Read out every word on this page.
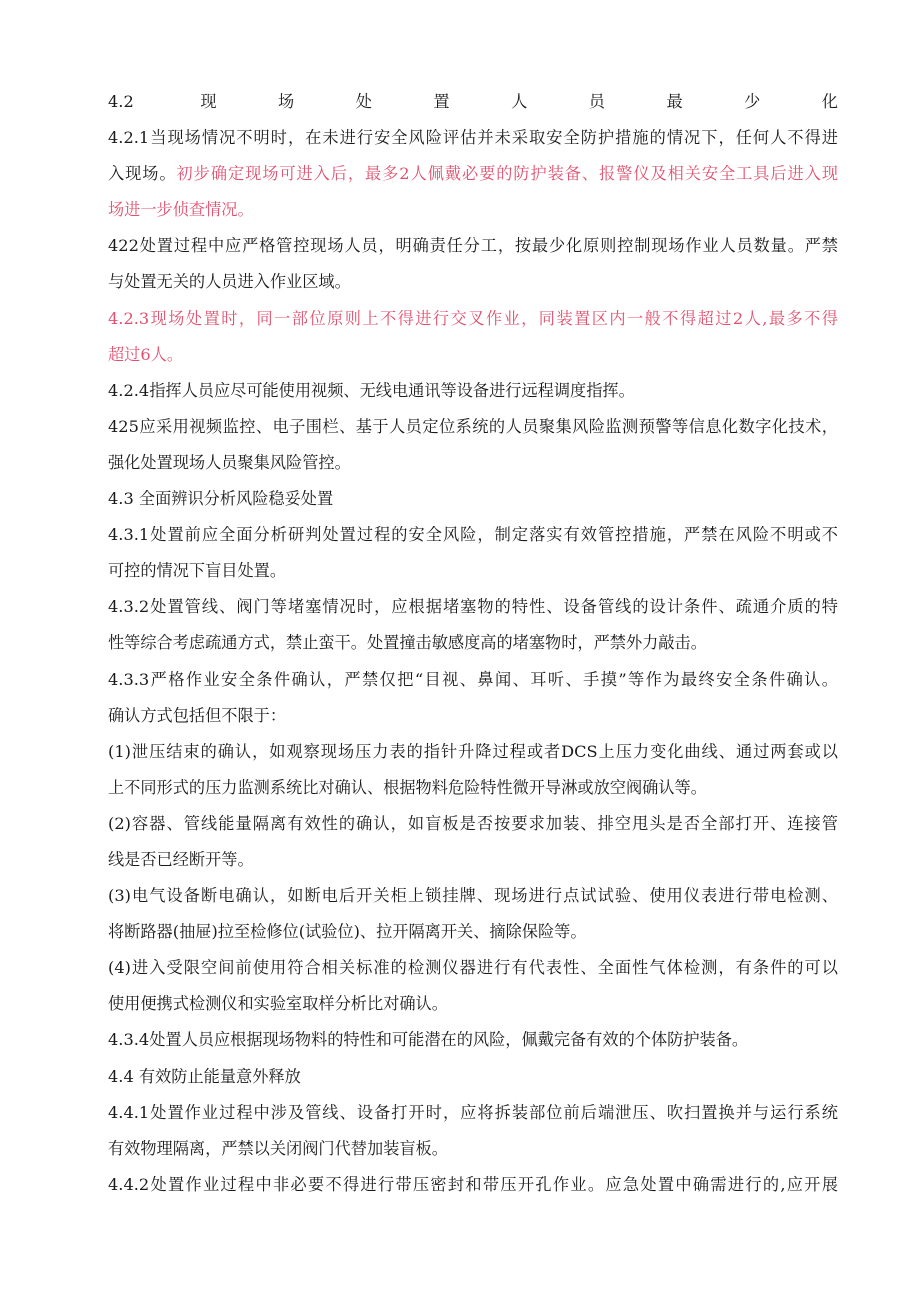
4.2 现场处置人员最少化
4.2.1当现场情况不明时，在未进行安全风险评估并未采取安全防护措施的情况下，任何人不得进
入现场。初步确定现场可进入后，最多2人佩戴必要的防护装备、报警仪及相关安全工具后进入现
场进一步侦查情况。
422处置过程中应严格管控现场人员，明确责任分工，按最少化原则控制现场作业人员数量。严禁
与处置无关的人员进入作业区域。
4.2.3现场处置时，同一部位原则上不得进行交叉作业，同装置区内一般不得超过2人,最多不得
超过6人。
4.2.4指挥人员应尽可能使用视频、无线电通讯等设备进行远程调度指挥。
425应采用视频监控、电子围栏、基于人员定位系统的人员聚集风险监测预警等信息化数字化技术，
强化处置现场人员聚集风险管控。
4.3 全面辨识分析风险稳妥处置
4.3.1处置前应全面分析研判处置过程的安全风险，制定落实有效管控措施，严禁在风险不明或不
可控的情况下盲目处置。
4.3.2处置管线、阀门等堵塞情况时，应根据堵塞物的特性、设备管线的设计条件、疏通介质的特
性等综合考虑疏通方式，禁止蛮干。处置撞击敏感度高的堵塞物时，严禁外力敲击。
4.3.3严格作业安全条件确认，严禁仅把“目视、鼻闻、耳听、手摸”等作为最终安全条件确认。
确认方式包括但不限于：
(1)泄压结束的确认，如观察现场压力表的指针升降过程或者DCS上压力变化曲线、通过两套或以
上不同形式的压力监测系统比对确认、根据物料危险特性微开导淋或放空阀确认等。
(2)容器、管线能量隔离有效性的确认，如盲板是否按要求加装、排空甩头是否全部打开、连接管
线是否已经断开等。
(3)电气设备断电确认，如断电后开关柜上锁挂牌、现场进行点试试验、使用仪表进行带电检测、
将断路器(抽屉)拉至检修位(试验位)、拉开隔离开关、摘除保险等。
(4)进入受限空间前使用符合相关标准的检测仪器进行有代表性、全面性气体检测，有条件的可以
使用便携式检测仪和实验室取样分析比对确认。
4.3.4处置人员应根据现场物料的特性和可能潜在的风险，佩戴完备有效的个体防护装备。
4.4 有效防止能量意外释放
4.4.1处置作业过程中涉及管线、设备打开时，应将拆装部位前后端泄压、吹扫置换并与运行系统
有效物理隔离，严禁以关闭阀门代替加装盲板。
4.4.2处置作业过程中非必要不得进行带压密封和带压开孔作业。应急处置中确需进行的,应开展
